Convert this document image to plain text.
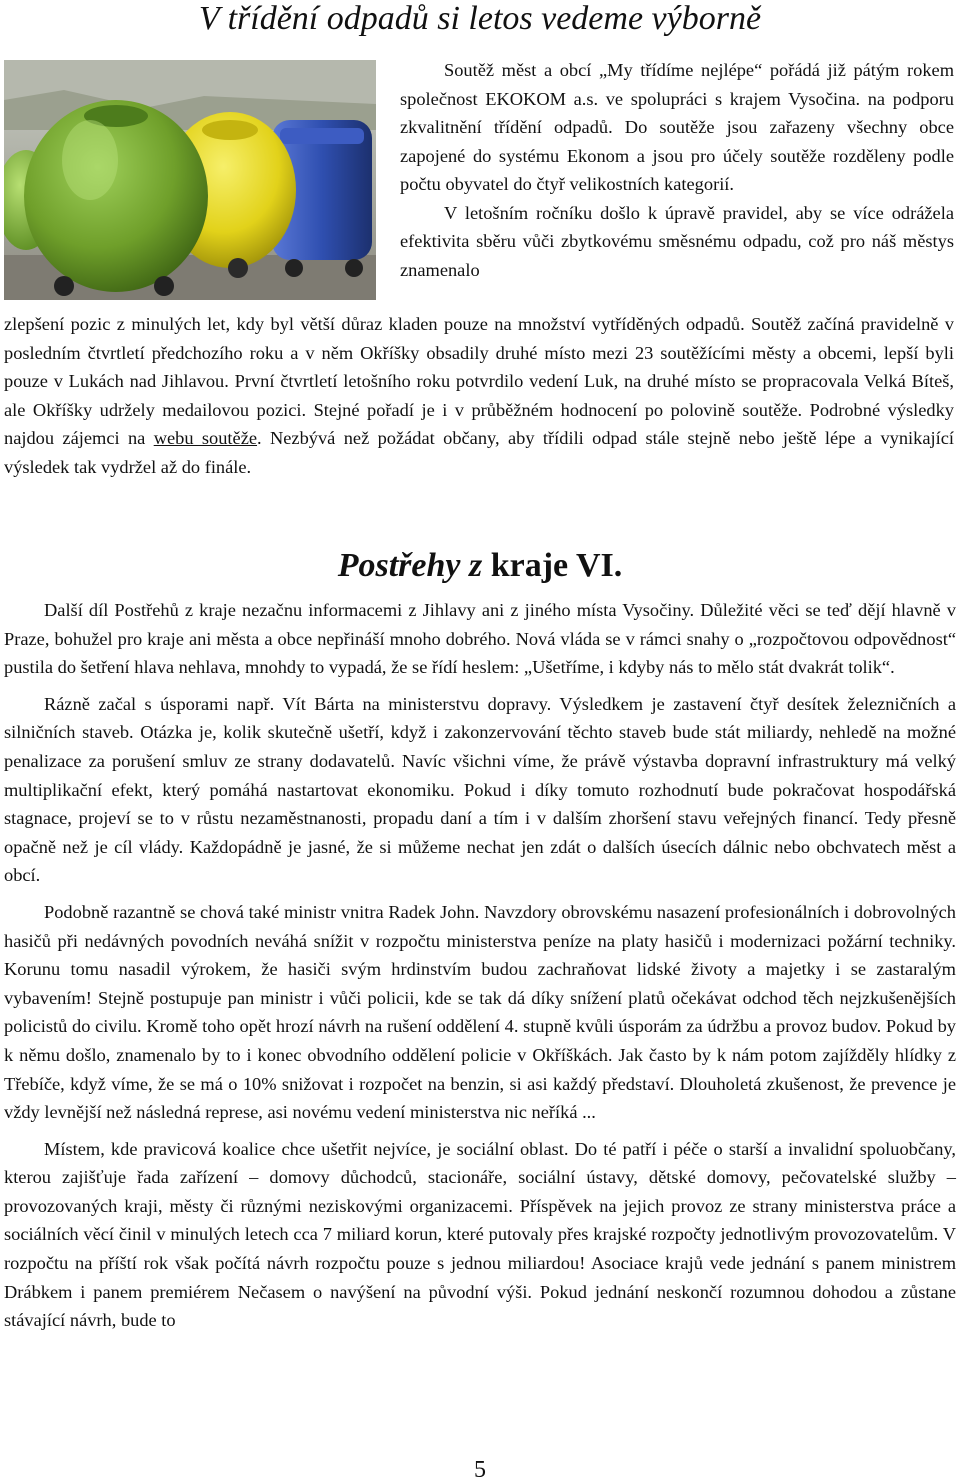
V třídění odpadů si letos vedeme výborně

Soutěž měst a obcí „My třídíme nejlépe“ pořádá již pátým rokem společnost EKOKOM a.s. ve spolupráci s krajem Vysočina. na podporu zkvalitnění třídění odpadů. Do soutěže jsou zařazeny všechny obce zapojené do systému Ekonom a jsou pro účely soutěže rozděleny podle počtu obyvatel do čtyř velikostních kategorií.

V letošním ročníku došlo k úpravě pravidel, aby se více odrážela efektivita sběru vůči zbytkovému směsnému odpadu, což pro náš městys znamenalo

zlepšení pozic z minulých let, kdy byl větší důraz kladen pouze na množství vytříděných odpadů. Soutěž začíná pravidelně v posledním čtvrtletí předchozího roku a v něm Okříšky obsadily druhé místo mezi 23 soutěžícími městy a obcemi, lepší byli pouze v Lukách nad Jihlavou. První čtvrtletí letošního roku potvrdilo vedení Luk, na druhé místo se propracovala Velká Bíteš, ale Okříšky udržely medailovou pozici. Stejné pořadí je i v průběžném hodnocení po polovině soutěže. Podrobné výsledky najdou zájemci na webu soutěže. Nezbývá než požádat občany, aby třídili odpad stále stejně nebo ještě lépe a vynikající výsledek tak vydržel až do finále.

Postřehy z kraje VI.

Další díl Postřehů z kraje nezačnu informacemi z Jihlavy ani z jiného místa Vysočiny. Důležité věci se teď dějí hlavně v Praze, bohužel pro kraje ani města a obce nepřináší mnoho dobrého. Nová vláda se v rámci snahy o „rozpočtovou odpovědnost“ pustila do šetření hlava nehlava, mnohdy to vypadá, že se řídí heslem: „Ušetříme, i kdyby nás to mělo stát dvakrát tolik“.

Rázně začal s úsporami např. Vít Bárta na ministerstvu dopravy. Výsledkem je zastavení čtyř desítek železničních a silničních staveb. Otázka je, kolik skutečně ušetří, když i zakonzervování těchto staveb bude stát miliardy, nehledě na možné penalizace za porušení smluv ze strany dodavatelů. Navíc všichni víme, že právě výstavba dopravní infrastruktury má velký multiplikační efekt, který pomáhá nastartovat ekonomiku. Pokud i díky tomuto rozhodnutí bude pokračovat hospodářská stagnace, projeví se to v růstu nezaměstnanosti, propadu daní a tím i v dalším zhoršení stavu veřejných financí. Tedy přesně opačně než je cíl vlády. Každopádně je jasné, že si můžeme nechat jen zdát o dalších úsecích dálnic nebo obchvatech měst a obcí.

Podobně razantně se chová také ministr vnitra Radek John. Navzdory obrovskému nasazení profesionálních i dobrovolných hasičů při nedávných povodních neváhá snížit v rozpočtu ministerstva peníze na platy hasičů i modernizaci požární techniky. Korunu tomu nasadil výrokem, že hasiči svým hrdinstvím budou zachraňovat lidské životy a majetky i se zastaralým vybavením! Stejně postupuje pan ministr i vůči policii, kde se tak dá díky snížení platů očekávat odchod těch nejzkušenějších policistů do civilu. Kromě toho opět hrozí návrh na rušení oddělení 4. stupně kvůli úsporám za údržbu a provoz budov. Pokud by k němu došlo, znamenalo by to i konec obvodního oddělení policie v Okříškách. Jak často by k nám potom zajížděly hlídky z Třebíče, když víme, že se má o 10% snižovat i rozpočet na benzin, si asi každý představí. Dlouholetá zkušenost, že prevence je vždy levnější než následná represe, asi novému vedení ministerstva nic neříká ...

Místem, kde pravicová koalice chce ušetřit nejvíce, je sociální oblast. Do té patří i péče o starší a invalidní spoluobčany, kterou zajišťuje řada zařízení – domovy důchodců, stacionáře, sociální ústavy, dětské domovy, pečovatelské služby – provozovaných kraji, městy či různými neziskovými organizacemi. Příspěvek na jejich provoz ze strany ministerstva práce a sociálních věcí činil v minulých letech cca 7 miliard korun, které putovaly přes krajské rozpočty jednotlivým provozovatelům. V rozpočtu na příští rok však počítá návrh rozpočtu pouze s jednou miliardou! Asociace krajů vede jednání s panem ministrem Drábkem i panem premiérem Nečasem o navýšení na původní výši. Pokud jednání neskončí rozumnou dohodou a zůstane stávající návrh, bude to

5
